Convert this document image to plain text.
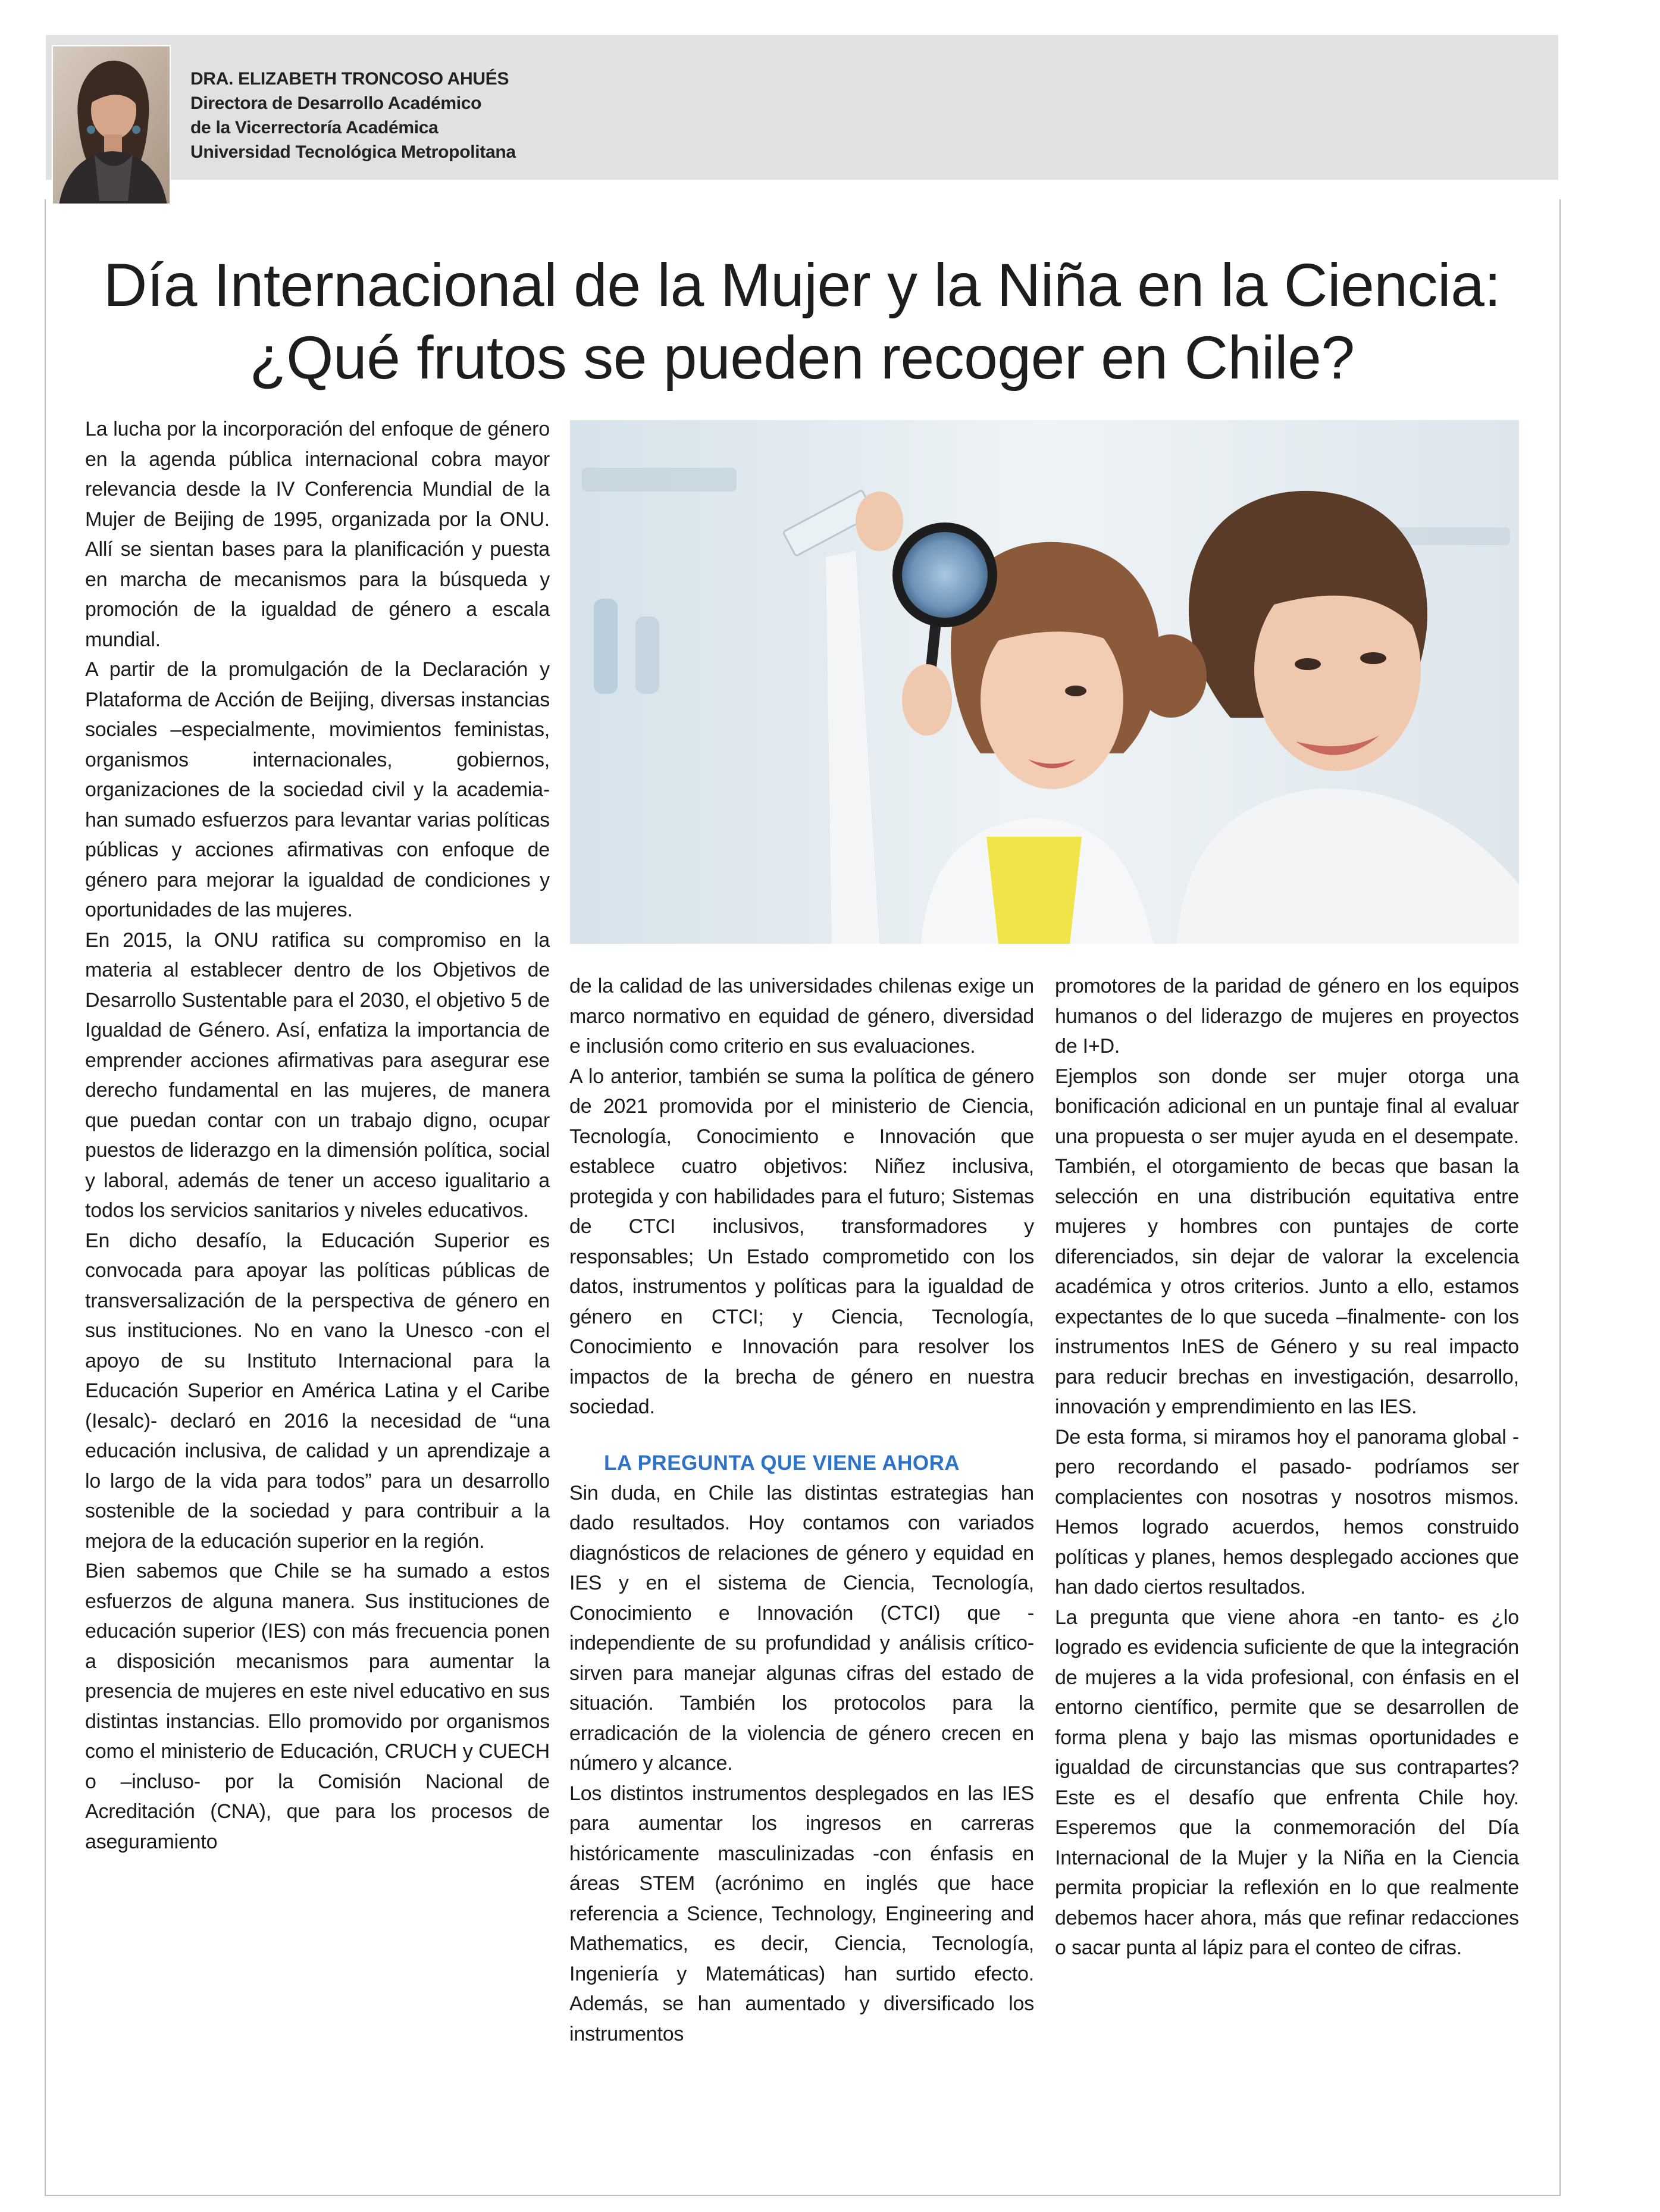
DRA. ELIZABETH TRONCOSO AHUÉS
Directora de Desarrollo Académico
de la Vicerrectoría Académica
Universidad Tecnológica Metropolitana
Día Internacional de la Mujer y la Niña en la Ciencia:
¿Qué frutos se pueden recoger en Chile?

La lucha por la incorporación del enfoque de género en la agenda pública internacional cobra mayor relevancia desde la IV Conferencia Mundial de la Mujer de Beijing de 1995, organizada por la ONU. Allí se sientan bases para la planificación y puesta en marcha de mecanismos para la búsqueda y promoción de la igualdad de género a escala mundial.

A partir de la promulgación de la Declaración y Plataforma de Acción de Beijing, diversas instancias sociales –especialmente, movimientos feministas, organismos internacionales, gobiernos, organizaciones de la sociedad civil y la academia- han sumado esfuerzos para levantar varias políticas públicas y acciones afirmativas con enfoque de género para mejorar la igualdad de condiciones y oportunidades de las mujeres.

En 2015, la ONU ratifica su compromiso en la materia al establecer dentro de los Objetivos de Desarrollo Sustentable para el 2030, el objetivo 5 de Igualdad de Género. Así, enfatiza la importancia de emprender acciones afirmativas para asegurar ese derecho fundamental en las mujeres, de manera que puedan contar con un trabajo digno, ocupar puestos de liderazgo en la dimensión política, social y laboral, además de tener un acceso igualitario a todos los servicios sanitarios y niveles educativos.

En dicho desafío, la Educación Superior es convocada para apoyar las políticas públicas de transversalización de la perspectiva de género en sus instituciones. No en vano la Unesco -con el apoyo de su Instituto Internacional para la Educación Superior en América Latina y el Caribe (Iesalc)- declaró en 2016 la necesidad de “una educación inclusiva, de calidad y un aprendizaje a lo largo de la vida para todos” para un desarrollo sostenible de la sociedad y para contribuir a la mejora de la educación superior en la región.

Bien sabemos que Chile se ha sumado a estos esfuerzos de alguna manera. Sus instituciones de educación superior (IES) con más frecuencia ponen a disposición mecanismos para aumentar la presencia de mujeres en este nivel educativo en sus distintas instancias. Ello promovido por organismos como el ministerio de Educación, CRUCH y CUECH o –incluso- por la Comisión Nacional de Acreditación (CNA), que para los procesos de aseguramiento

de la calidad de las universidades chilenas exige un marco normativo en equidad de género, diversidad e inclusión como criterio en sus evaluaciones.

A lo anterior, también se suma la política de género de 2021 promovida por el ministerio de Ciencia, Tecnología, Conocimiento e Innovación que establece cuatro objetivos: Niñez inclusiva, protegida y con habilidades para el futuro; Sistemas de CTCI inclusivos, transformadores y responsables; Un Estado comprometido con los datos, instrumentos y políticas para la igualdad de género en CTCI; y Ciencia, Tecnología, Conocimiento e Innovación para resolver los impactos de la brecha de género en nuestra sociedad.

LA PREGUNTA QUE VIENE AHORA

Sin duda, en Chile las distintas estrategias han dado resultados. Hoy contamos con variados diagnósticos de relaciones de género y equidad en IES y en el sistema de Ciencia, Tecnología, Conocimiento e Innovación (CTCI) que -independiente de su profundidad y análisis crítico- sirven para manejar algunas cifras del estado de situación. También los protocolos para la erradicación de la violencia de género crecen en número y alcance.

Los distintos instrumentos desplegados en las IES para aumentar los ingresos en carreras históricamente masculinizadas -con énfasis en áreas STEM (acrónimo en inglés que hace referencia a Science, Technology, Engineering and Mathematics, es decir, Ciencia, Tecnología, Ingeniería y Matemáticas) han surtido efecto. Además, se han aumentado y diversificado los instrumentos

promotores de la paridad de género en los equipos humanos o del liderazgo de mujeres en proyectos de I+D.

Ejemplos son donde ser mujer otorga una bonificación adicional en un puntaje final al evaluar una propuesta o ser mujer ayuda en el desempate. También, el otorgamiento de becas que basan la selección en una distribución equitativa entre mujeres y hombres con puntajes de corte diferenciados, sin dejar de valorar la excelencia académica y otros criterios. Junto a ello, estamos expectantes de lo que suceda –finalmente- con los instrumentos InES de Género y su real impacto para reducir brechas en investigación, desarrollo, innovación y emprendimiento en las IES.

De esta forma, si miramos hoy el panorama global -pero recordando el pasado- podríamos ser complacientes con nosotras y nosotros mismos. Hemos logrado acuerdos, hemos construido políticas y planes, hemos desplegado acciones que han dado ciertos resultados.

La pregunta que viene ahora -en tanto- es ¿lo logrado es evidencia suficiente de que la integración de mujeres a la vida profesional, con énfasis en el entorno científico, permite que se desarrollen de forma plena y bajo las mismas oportunidades e igualdad de circunstancias que sus contrapartes? Este es el desafío que enfrenta Chile hoy. Esperemos que la conmemoración del Día Internacional de la Mujer y la Niña en la Ciencia permita propiciar la reflexión en lo que realmente debemos hacer ahora, más que refinar redacciones o sacar punta al lápiz para el conteo de cifras.
